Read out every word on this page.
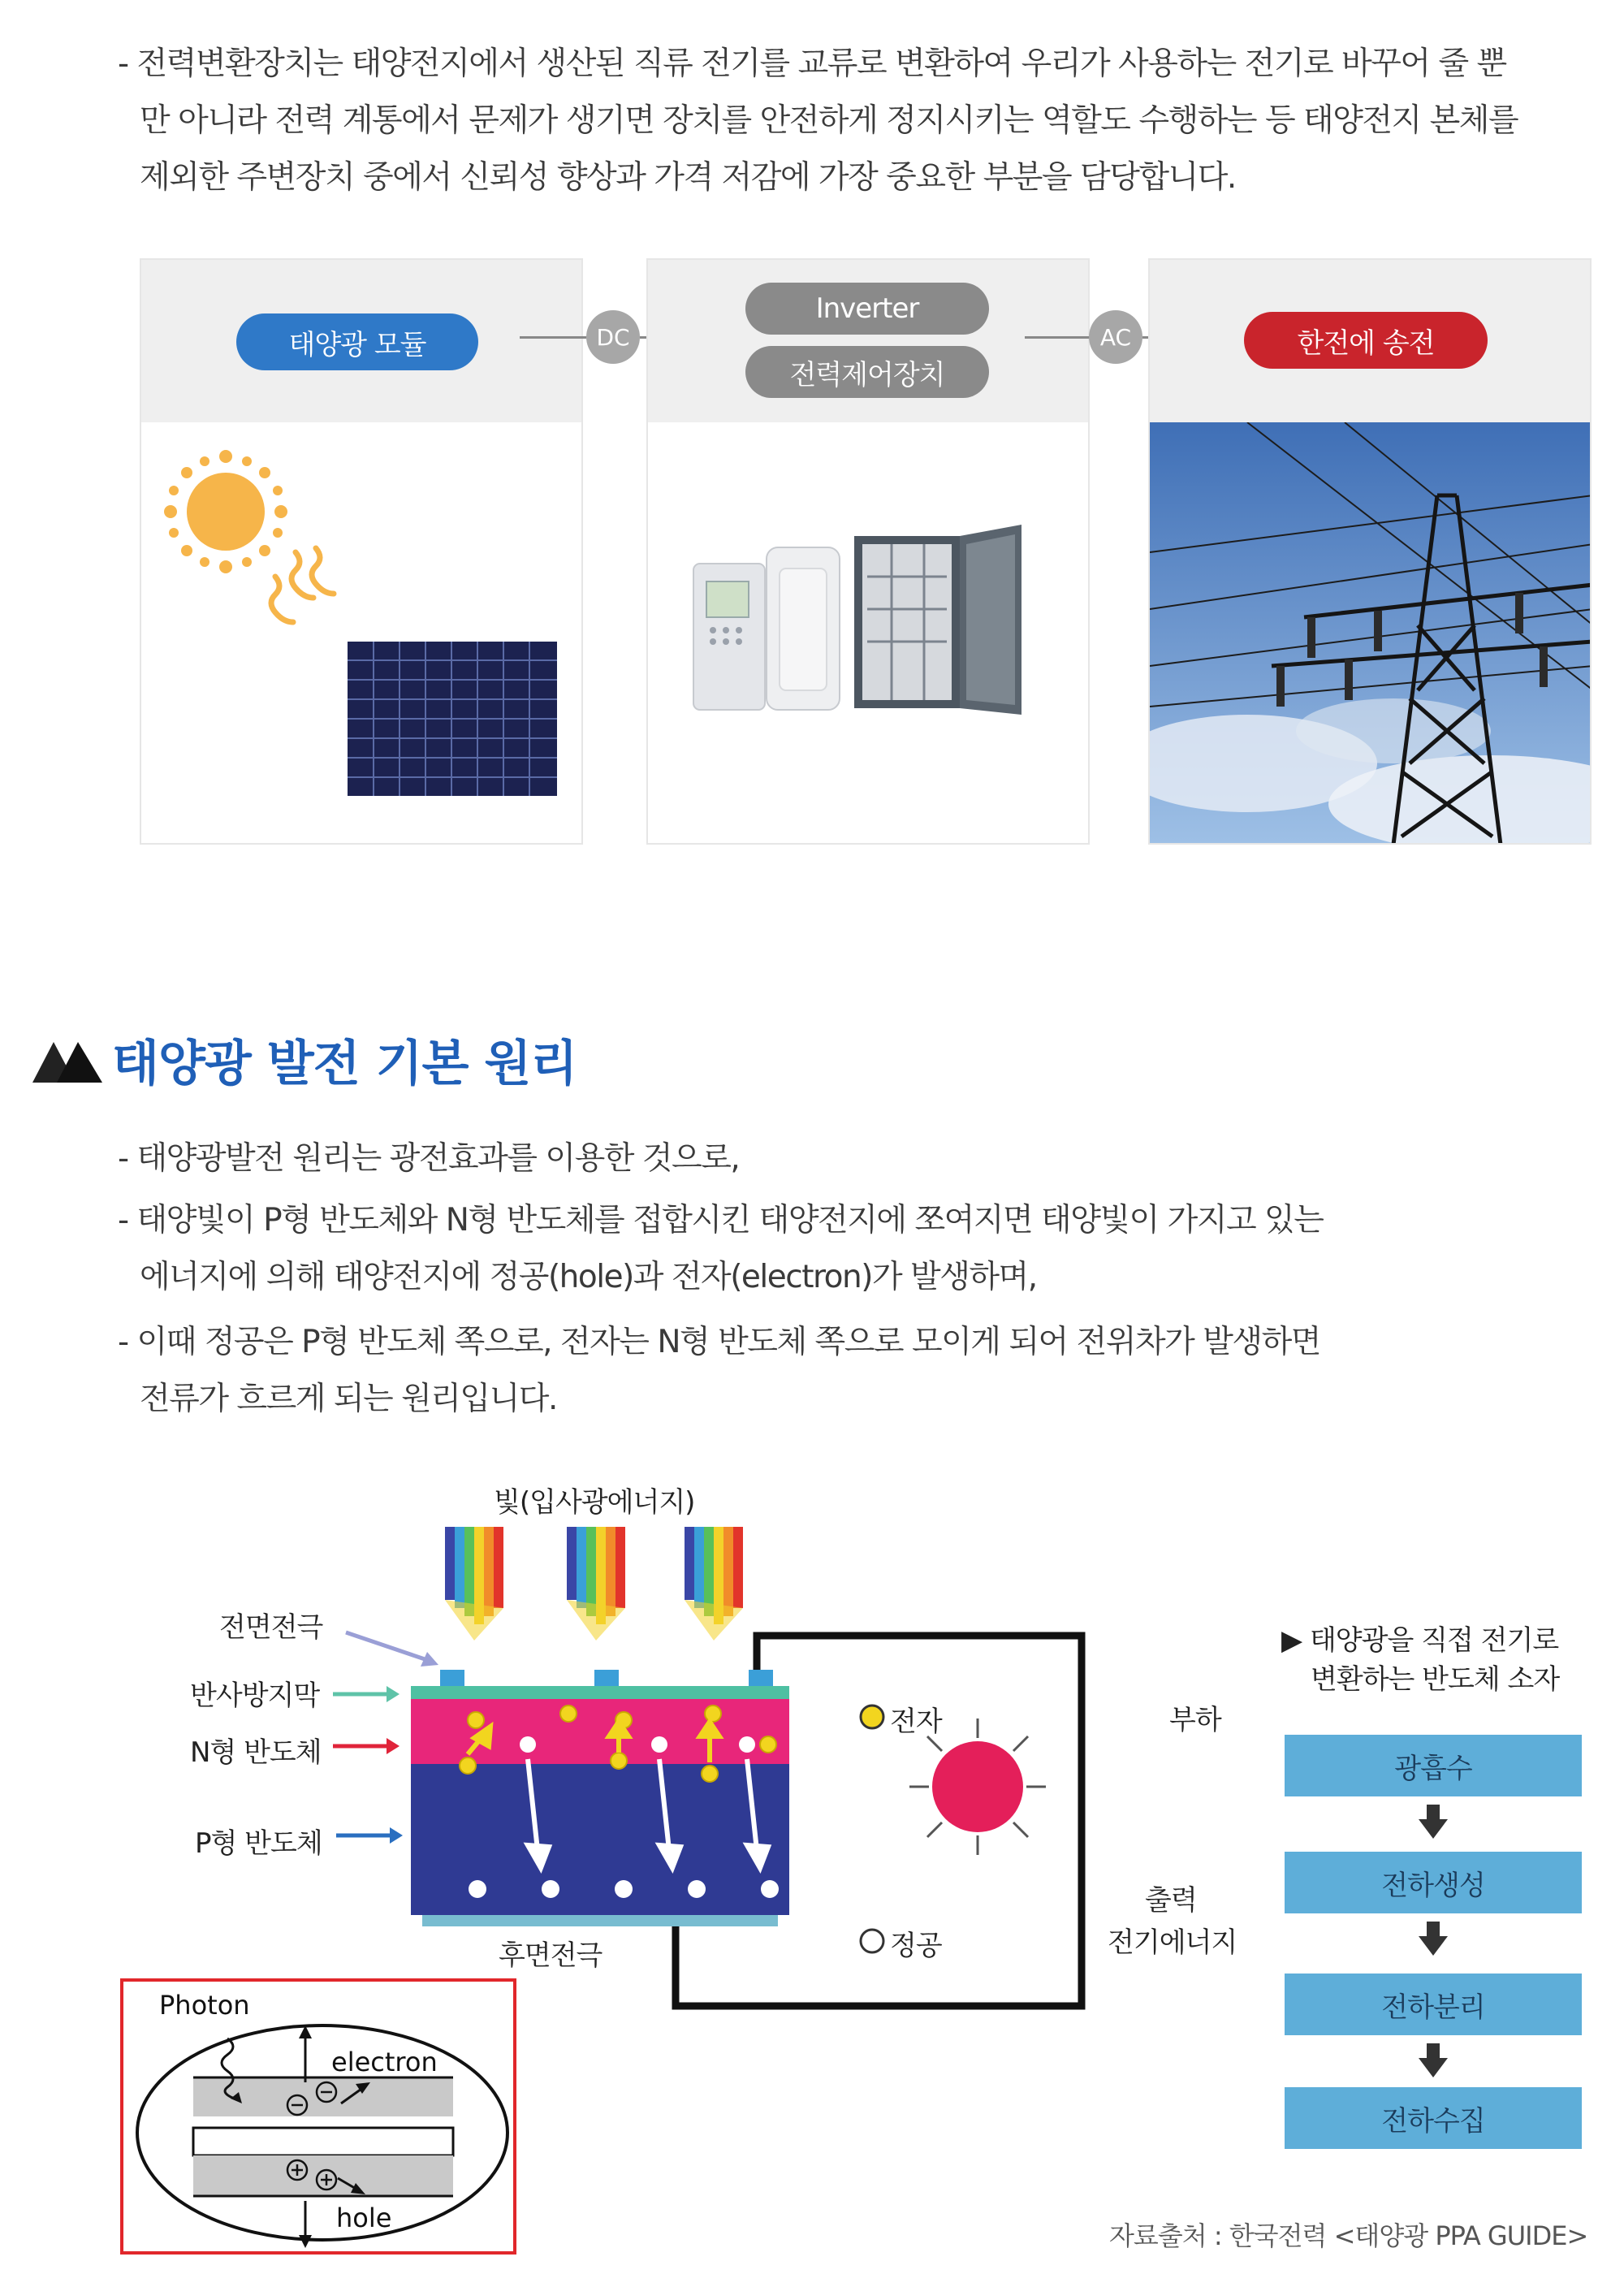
- 전력변환장치는 태양전지에서 생산된 직류 전기를 교류로 변환하여 우리가 사용하는 전기로 바꾸어 줄 뿐
만 아니라 전력 계통에서 문제가 생기면 장치를 안전하게 정지시키는 역할도 수행하는 등 태양전지 본체를
제외한 주변장치 중에서 신뢰성 향상과 가격 저감에 가장 중요한 부분을 담당합니다.
태양광 모듈	DC
Inverter
전력제어장치
AC	한전에 송전
태양광 발전 기본 원리
- 태양광발전 원리는 광전효과를 이용한 것으로,
- 태양빛이 P형 반도체와 N형 반도체를 접합시킨 태양전지에 쪼여지면 태양빛이 가지고 있는
에너지에 의해 태양전지에 정공(hole)과 전자(electron)가 발생하며,
- 이때 정공은 P형 반도체 쪽으로, 전자는 N형 반도체 쪽으로 모이게 되어 전위차가 발생하면
전류가 흐르게 되는 원리입니다.
빛(입사광에너지)
전면전극
반사방지막
N형 반도체
P형 반도체
후면전극
전자
정공
부하
출력
전기에너지
Photon
electron
hole
▶ 태양광을 직접 전기로
변환하는 반도체 소자
광흡수
전하생성
전하분리
전하수집
자료출처 : 한국전력 <태양광 PPA GUIDE>
